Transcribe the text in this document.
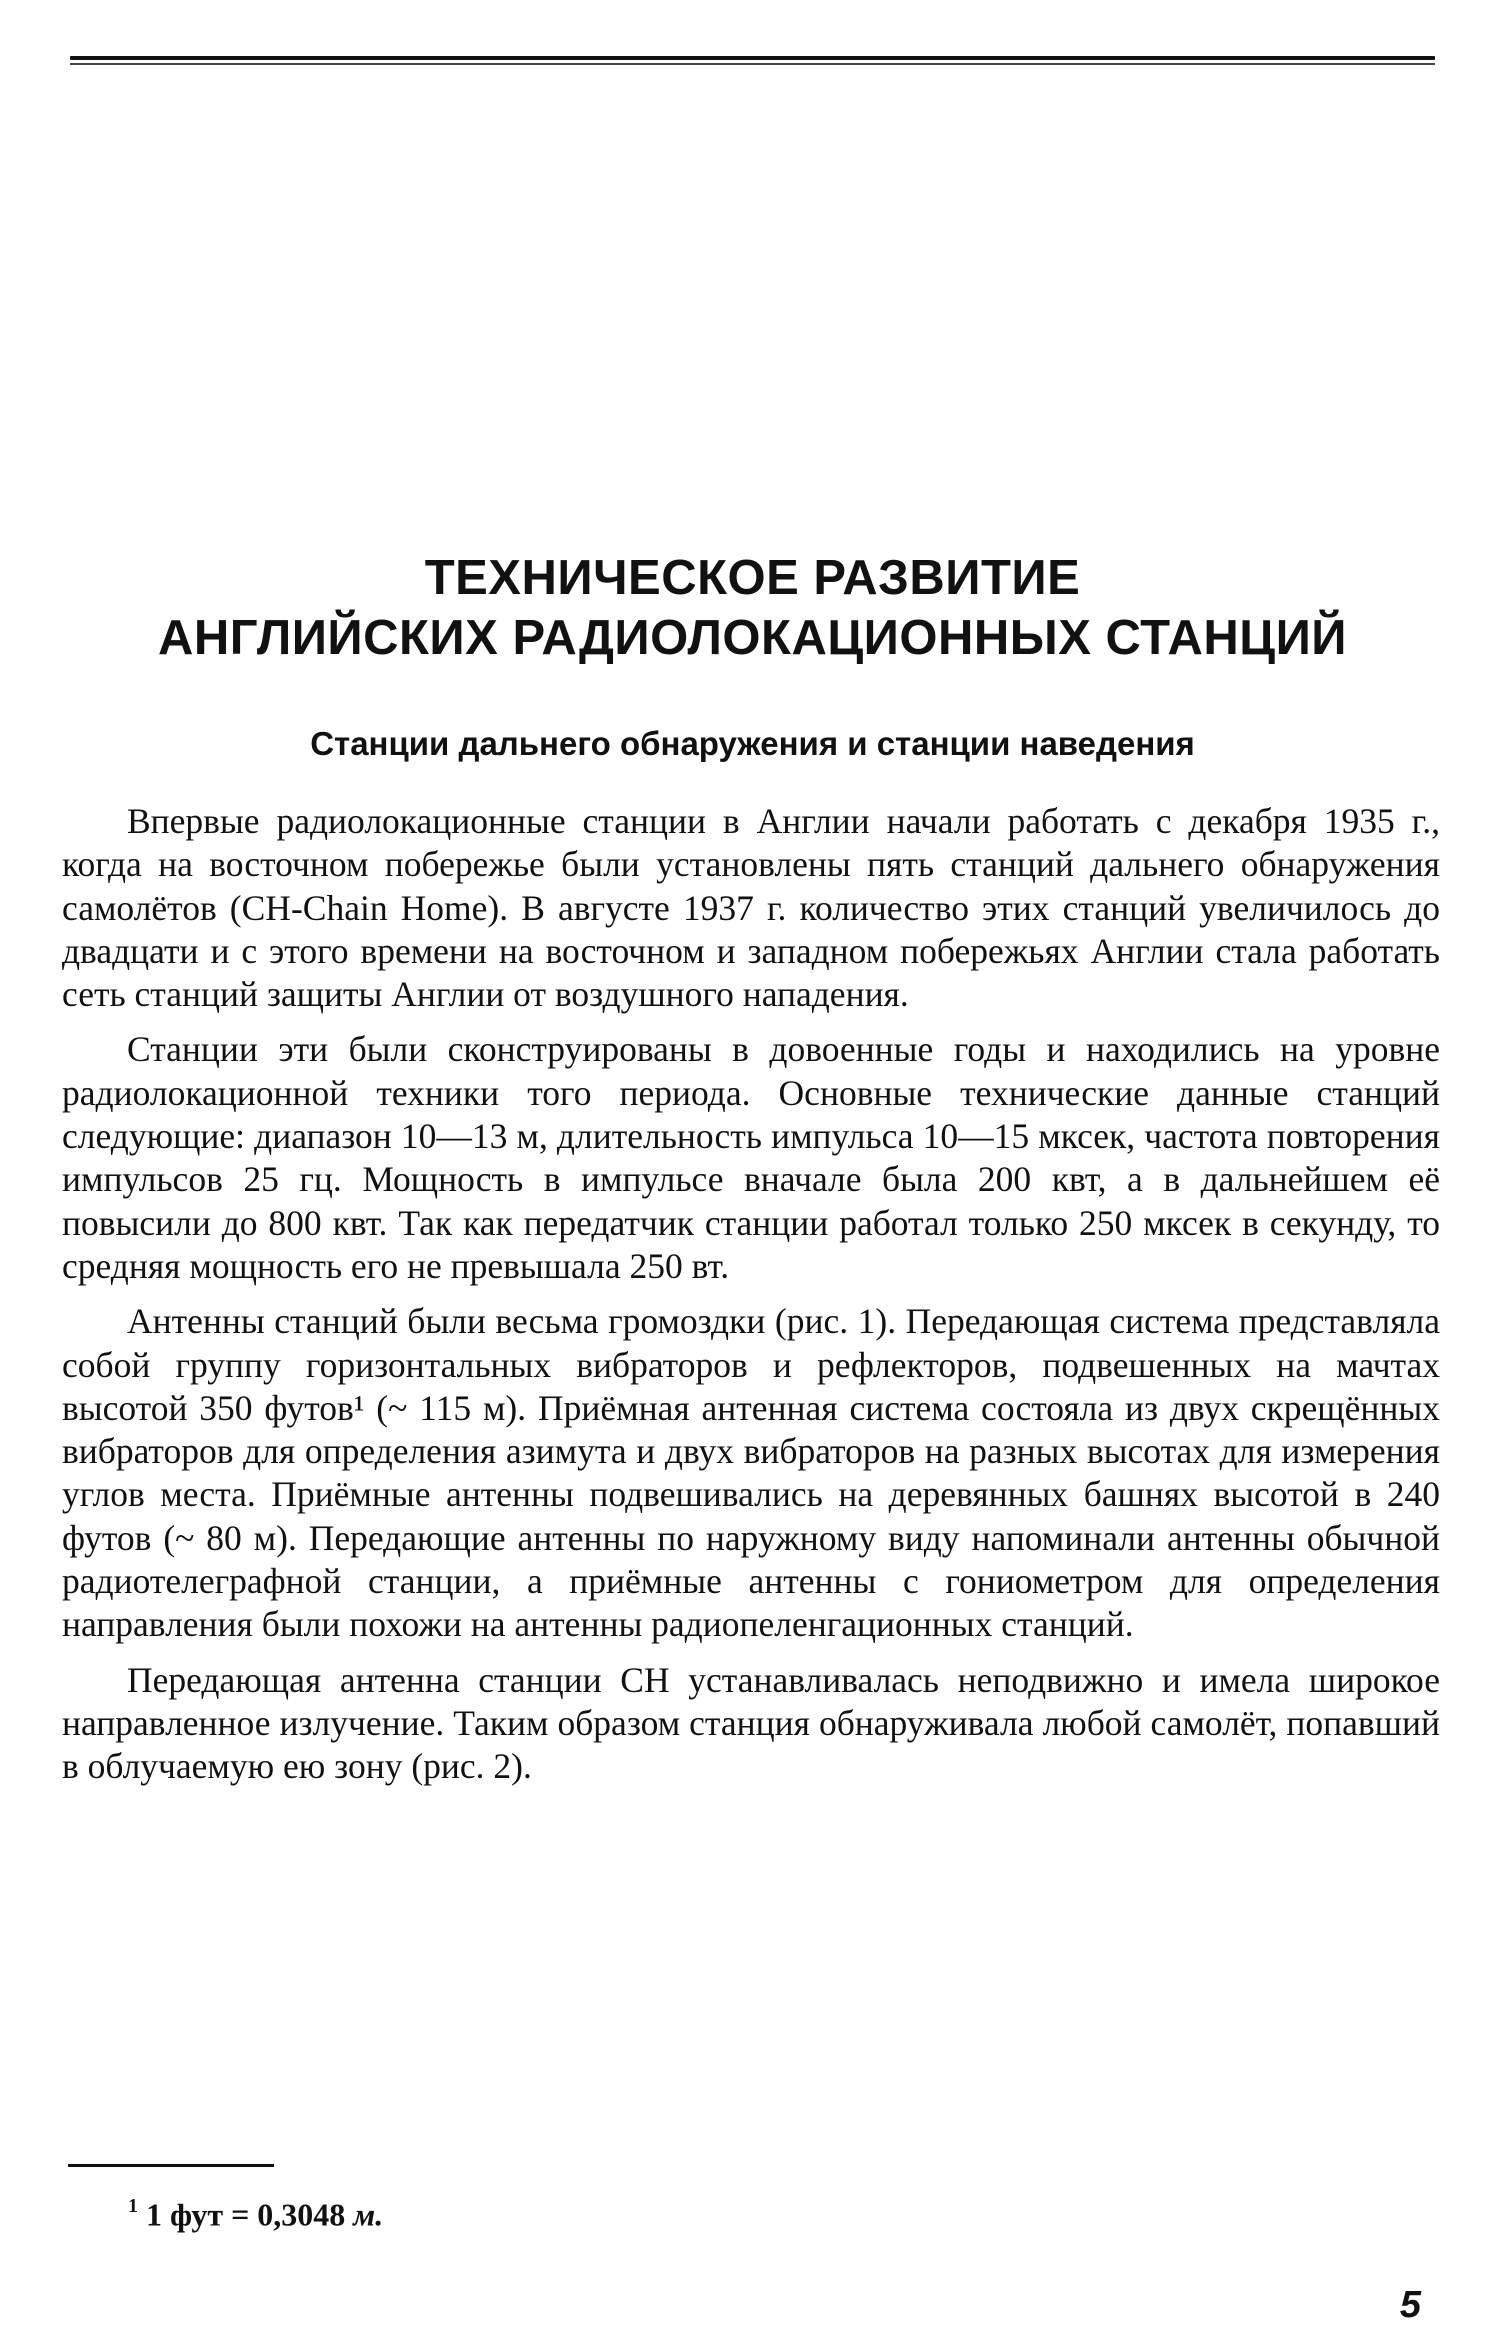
ТЕХНИЧЕСКОЕ РАЗВИТИЕ
АНГЛИЙСКИХ РАДИОЛОКАЦИОННЫХ СТАНЦИЙ
Станции дальнего обнаружения и станции наведения

Впервые радиолокационные станции в Англии начали работать с декабря 1935 г., когда на восточном побережье были установлены пять станций дальнего обнаружения самолётов (CH-Chain Home). В августе 1937 г. количество этих станций увеличилось до двадцати и с этого времени на восточном и западном побережьях Англии стала работать сеть станций защиты Англии от воздушного нападения.

Станции эти были сконструированы в довоенные годы и находились на уровне радиолокационной техники того периода. Основные технические данные станций следующие: диапазон 10—13 м, длительность импульса 10—15 мксек, частота повторения импульсов 25 гц. Мощность в импульсе вначале была 200 квт, а в дальнейшем её повысили до 800 квт. Так как передатчик станции работал только 250 мксек в секунду, то средняя мощность его не превышала 250 вт.

Антенны станций были весьма громоздки (рис. 1). Передающая система представляла собой группу горизонтальных вибраторов и рефлекторов, подвешенных на мачтах высотой 350 футов¹ (~ 115 м). Приёмная антенная система состояла из двух скрещённых вибраторов для определения азимута и двух вибраторов на разных высотах для измерения углов места. Приёмные антенны подвешивались на деревянных башнях высотой в 240 футов (~ 80 м). Передающие антенны по наружному виду напоминали антенны обычной радиотелеграфной станции, а приёмные антенны с гониометром для определения направления были похожи на антенны радиопеленгационных станций.

Передающая антенна станции CH устанавливалась неподвижно и имела широкое направленное излучение. Таким образом станция обнаруживала любой самолёт, попавший в облучаемую ею зону (рис. 2).

$^1$ 1 фут = 0,3048 м.
5
